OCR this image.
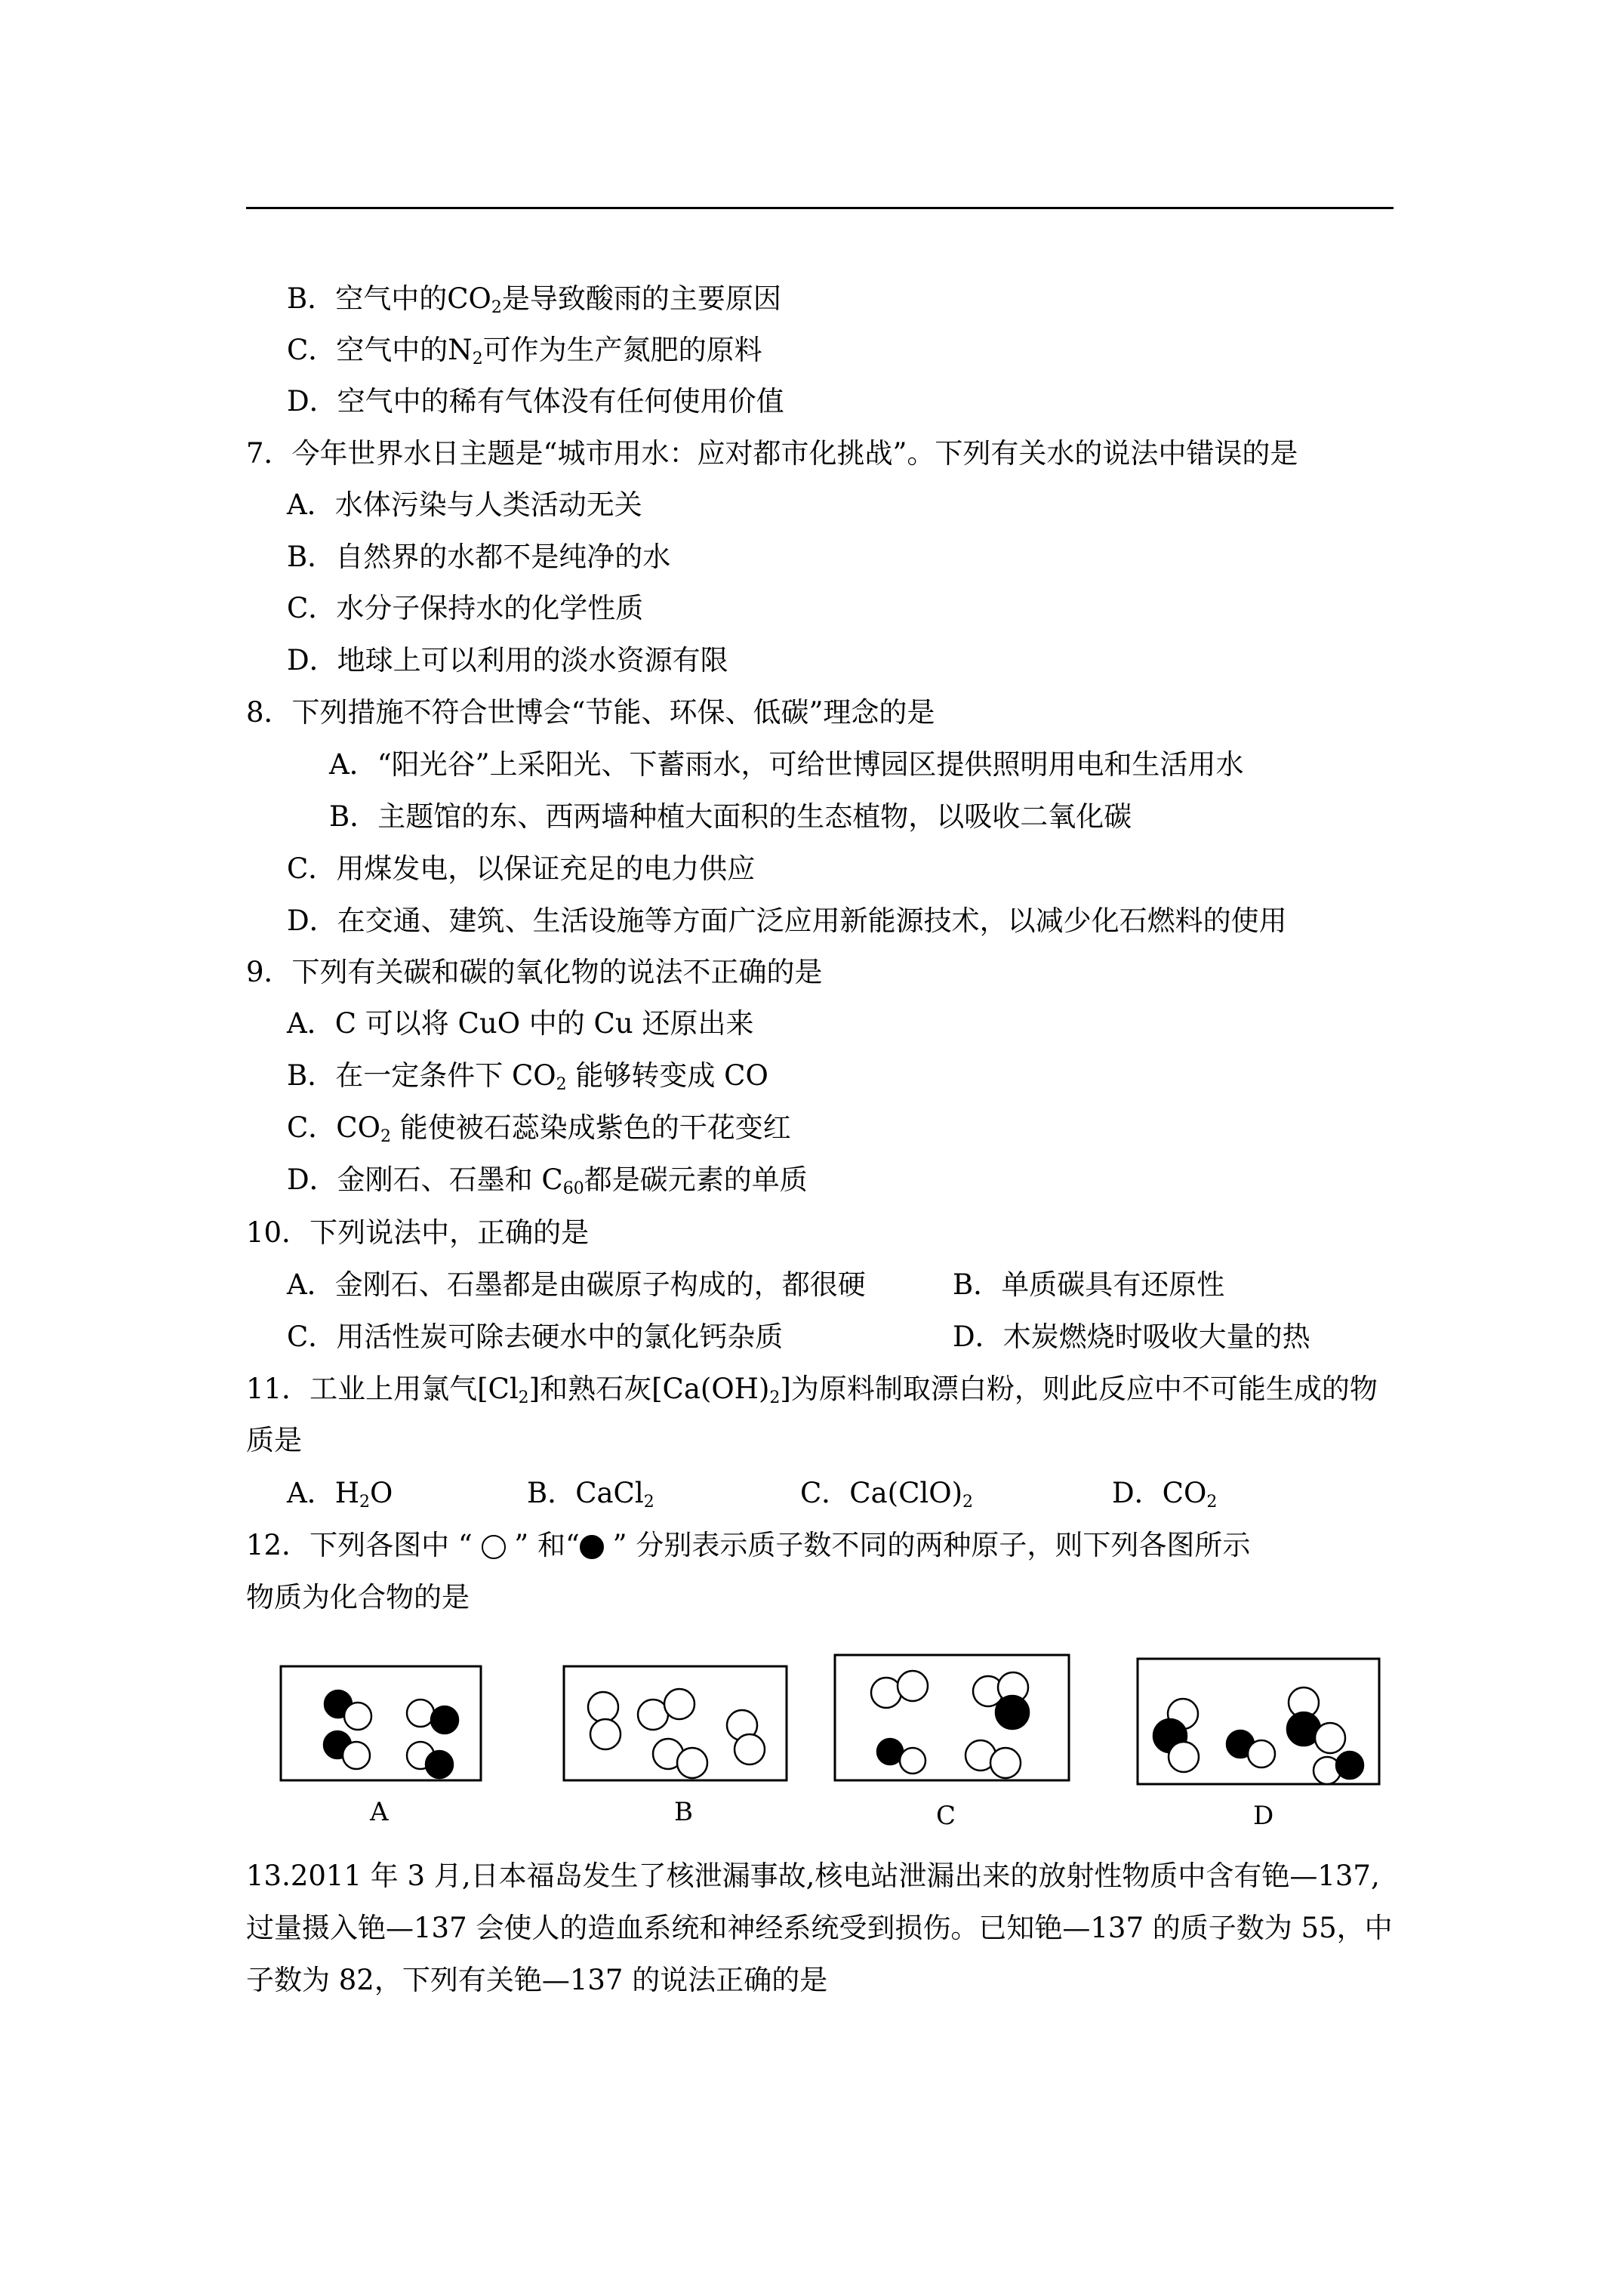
B．空气中的$CO_2$是导致酸雨的主要原因
C．空气中的$N_2$可作为生产氮肥的原料
D．空气中的稀有气体没有任何使用价值
7．今年世界水日主题是“城市用水：应对都市化挑战”。下列有关水的说法中错误的是
A．水体污染与人类活动无关
B．自然界的水都不是纯净的水
C．水分子保持水的化学性质
D．地球上可以利用的淡水资源有限
8．下列措施不符合世博会“节能、环保、低碳”理念的是
A．“阳光谷”上采阳光、下蓄雨水，可给世博园区提供照明用电和生活用水
B．主题馆的东、西两墙种植大面积的生态植物，以吸收二氧化碳
C．用煤发电，以保证充足的电力供应
D．在交通、建筑、生活设施等方面广泛应用新能源技术，以减少化石燃料的使用
9．下列有关碳和碳的氧化物的说法不正确的是
A．C 可以将 CuO 中的 Cu 还原出来
B．在一定条件下 $CO_2$ 能够转变成 CO
C．$CO_2$ 能使被石蕊染成紫色的干花变红
D．金刚石、石墨和 $C_{60}$都是碳元素的单质
10．下列说法中，正确的是
A．金刚石、石墨都是由碳原子构成的，都很硬	B．单质碳具有还原性
C．用活性炭可除去硬水中的氯化钙杂质	D．木炭燃烧时吸收大量的热
11．工业上用氯气$[Cl_2]$和熟石灰$[Ca(OH)_2]$为原料制取漂白粉，则此反应中不可能生成的物
质是
A．$H_2O$	B．CaCl$_2$	C．$Ca(ClO)_2$	D．$CO_2$
12．下列各图中 “ ” 和“ ” 分别表示质子数不同的两种原子，则下列各图所示
物质为化合物的是
A	B	C	D
13.2011 年 3 月,日本福岛发生了核泄漏事故,核电站泄漏出来的放射性物质中含有铯—137,
过量摄入铯—137 会使人的造血系统和神经系统受到损伤。已知铯—137 的质子数为 55，中
子数为 82，下列有关铯—137 的说法正确的是
